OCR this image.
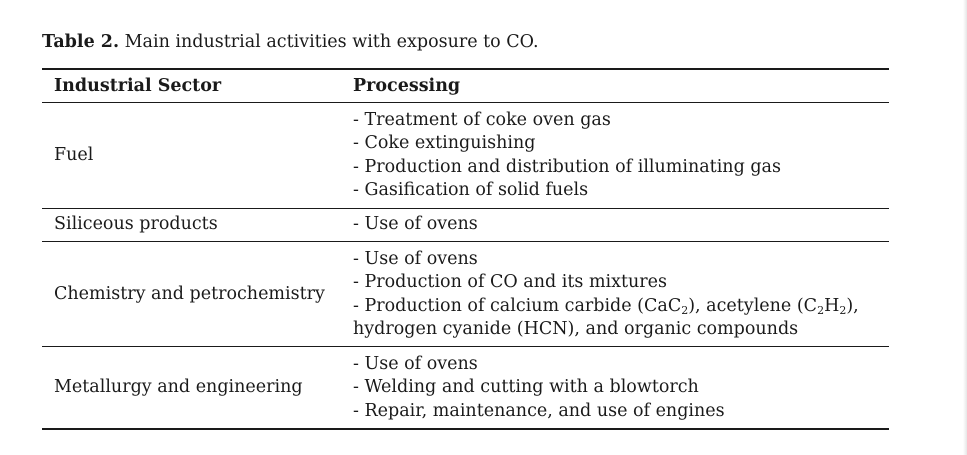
Table 2. Main industrial activities with exposure to CO.
Industrial Sector	Processing
Fuel
- Treatment of coke oven gas
- Coke extinguishing
- Production and distribution of illuminating gas
- Gasification of solid fuels
Siliceous products	- Use of ovens
Chemistry and petrochemistry
- Use of ovens
- Production of CO and its mixtures
- Production of calcium carbide (CaC$_2$), acetylene $(C_2H_2)$,
hydrogen cyanide (HCN), and organic compounds
Metallurgy and engineering
- Use of ovens
- Welding and cutting with a blowtorch
- Repair, maintenance, and use of engines
